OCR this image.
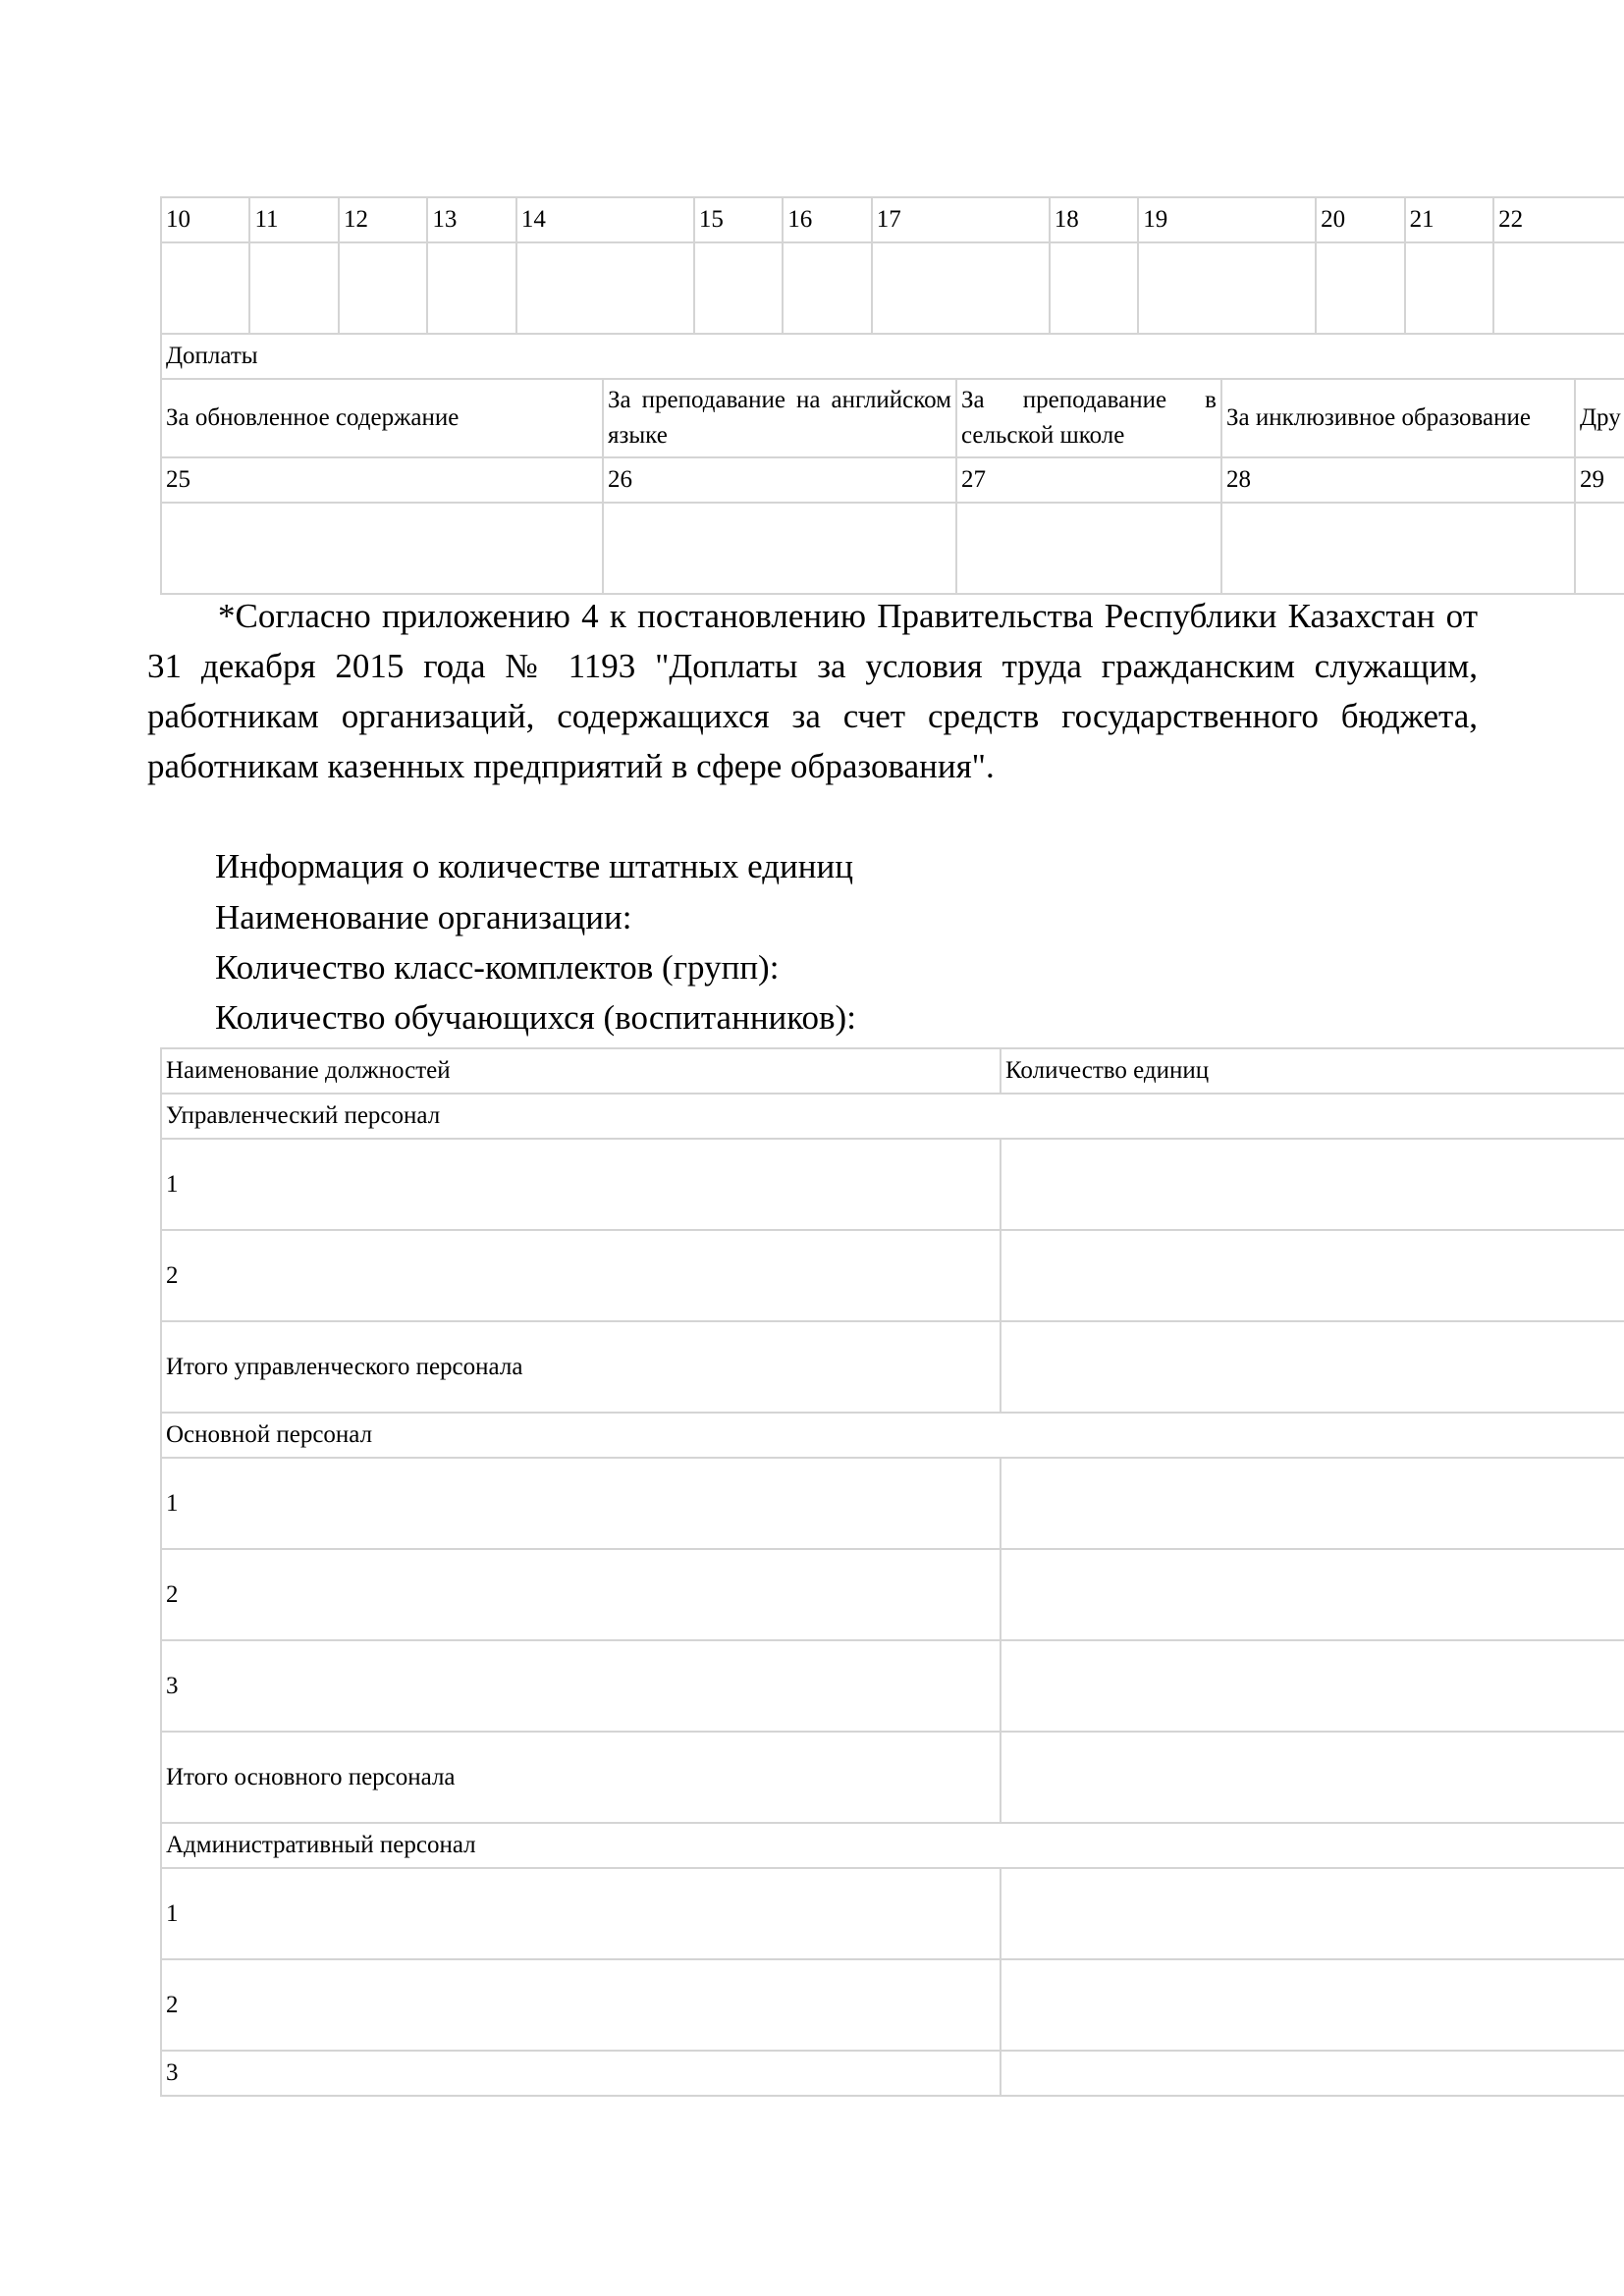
10	11	12	13	14	15	16	17	18	19	20	21	22

Доплаты				
За обновленное содержание	За преподавание на английском языке	За преподавание в сельской школе	За инклюзивное образование	Дру
25	26	27	28	29

*Согласно приложению 4 к постановлению Правительства Республики Казахстан от 31 декабря 2015 года № 1193 "Доплаты за условия труда гражданским служащим, работникам организаций, содержащихся за счет средств государственного бюджета, работникам казенных предприятий в сфере образования".
Информация о количестве штатных единиц
Наименование организации:
Количество класс-комплектов (групп):
Количество обучающихся (воспитанников):
Наименование должностей	Количество единиц
Управленческий персонал	
1	
2	
Итого управленческого персонала	
Основной персонал	
1	
2	
3	
Итого основного персонала	
Административный персонал	
1	
2	
3	
